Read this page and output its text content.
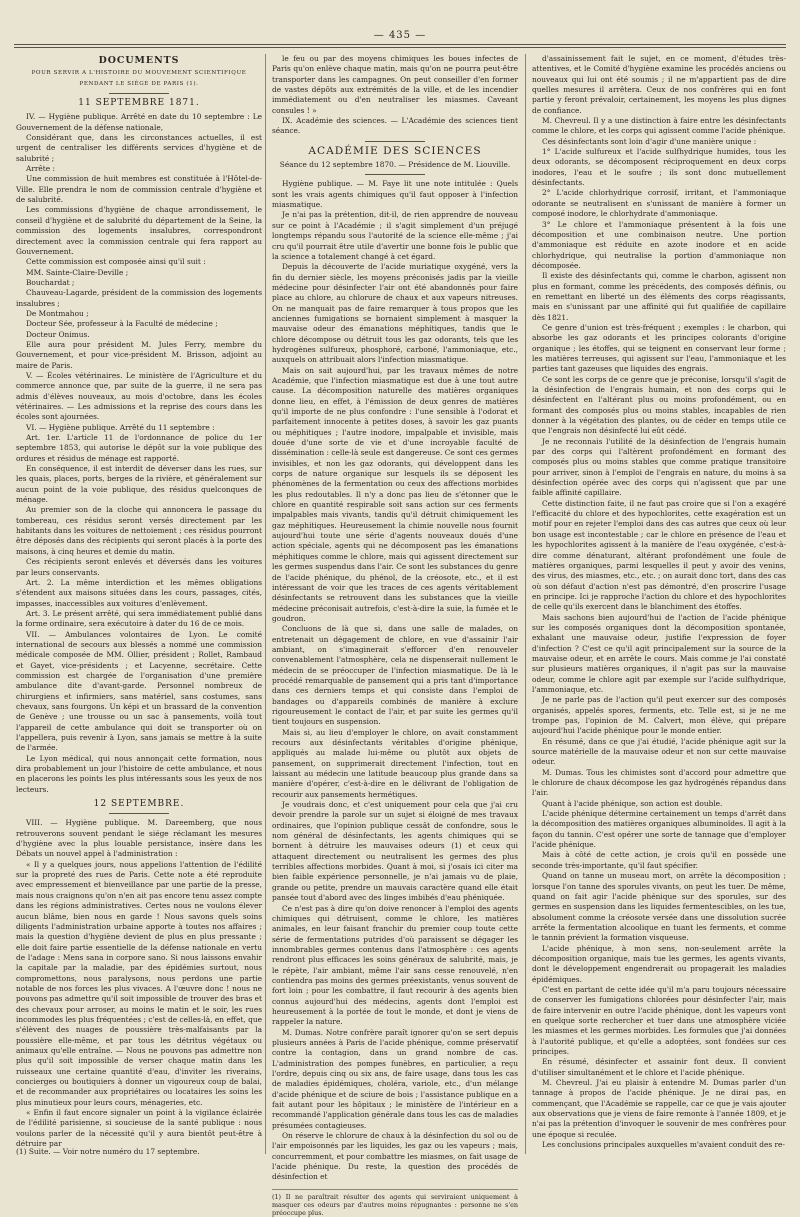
— 435 —
DOCUMENTS
POUR SERVIR A L'HISTOIRE DU MOUVEMENT SCIENTIFIQUE PENDANT LE SIÉGE DE PARIS (1).
11 SEPTEMBRE 1871.

IV. — Hygiène publique. Arrêté en date du 10 septembre : Le Gouvernement de la défense nationale,

Considérant que, dans les circonstances actuelles, il est urgent de centraliser les différents services d'hygiène et de salubrité ;

Arrête :

Une commission de huit membres est constituée à l'Hôtel-de-Ville. Elle prendra le nom de commission centrale d'hygiène et de salubrité.

Les commissions d'hygiène de chaque arrondissement, le conseil d'hygiène et de salubrité du département de la Seine, la commission des logements insalubres, correspondront directement avec la commission centrale qui fera rapport au Gouvernement.

Cette commission est composée ainsi qu'il suit :

MM. Sainte-Claire-Deville ;

Bouchardat ;

Chauveau-Lagarde, président de la commission des logements insalubres ;

De Montmahou ;

Docteur Sée, professeur à la Faculté de médecine ;

Docteur Onimus.

Elle aura pour président M. Jules Ferry, membre du Gouvernement, et pour vice-président M. Brisson, adjoint au maire de Paris.

V. — Écoles vétérinaires. Le ministère de l'Agriculture et du commerce annonce que, par suite de la guerre, il ne sera pas admis d'élèves nouveaux, au mois d'octobre, dans les écoles vétérinaires. — Les admissions et la reprise des cours dans les écoles sont ajournées.

VI. — Hygiène publique. Arrêté du 11 septembre :

Art. 1er. L'article 11 de l'ordonnance de police du 1er septembre 1853, qui autorise le dépôt sur la voie publique des ordures et résidus de ménage est rapporté.

En conséquence, il est interdit de déverser dans les rues, sur les quais, places, ports, berges de la rivière, et généralement sur aucun point de la voie publique, des résidus quelconques de ménage.

Au premier son de la cloche qui annoncera le passage du tombereau, ces résidus seront versés directement par les habitants dans les voitures de nettoiement ; ces résidus pourront être déposés dans des récipients qui seront placés à la porte des maisons, à cinq heures et demie du matin.

Ces récipients seront enlevés et déversés dans les voitures par leurs conservants.

Art. 2. La même interdiction et les mêmes obligations s'étendent aux maisons situées dans les cours, passages, cités, impasses, inaccessibles aux voitures d'enlèvement.

Art. 3. Le présent arrêté, qui sera immédiatement publié dans la forme ordinaire, sera exécutoire à dater du 16 de ce mois.

VII. — Ambulances volontaires de Lyon. Le comité international de secours aux blessés a nommé une commission médicale composée de MM. Ollier, président ; Rollet, Rambaud et Gayet, vice-présidents ; et Lacyenne, secrétaire. Cette commission est chargée de l'organisation d'une première ambulance dite d'avant-garde. Personnel nombreux de chirurgiens et infirmiers, sans matériel, sans costumes, sans chevaux, sans fourgons. Un képi et un brassard de la convention de Genève ; une trousse ou un sac à pansements, voilà tout l'appareil de cette ambulance qui doit se transporter où on l'appellera, puis revenir à Lyon, sans jamais se mettre à la suite de l'armée.

Le Lyon médical, qui nous annonçait cette formation, nous dira probablement un jour l'histoire de cette ambulance, et nous en placerons les points les plus intéressants sous les yeux de nos lecteurs.

12 SEPTEMBRE.

VIII. — Hygiène publique. M. Dareemberg, que nous retrouverons souvent pendant le siége réclamant les mesures d'hygiène avec la plus louable persistance, insère dans les Débats un nouvel appel à l'administration :

« Il y a quelques jours, nous appelions l'attention de l'édilité sur la propreté des rues de Paris. Cette note a été reproduite avec empressement et bienveillance par une partie de la presse, mais nous craignons qu'on n'en ait pas encore tenu assez compte dans les régions administratives. Certes nous ne voulons élever aucun blâme, bien nous en garde ! Nous savons quels soins diligents l'administration urbaine apporte à toutes nos affaires ; mais la question d'hygiène devient de plus en plus pressante ; elle doit faire partie essentielle de la défense nationale en vertu de l'adage : Mens sana in corpore sano. Si nous laissons envahir la capitale par la maladie, par des épidémies surtout, nous compromettons, nous paralysons, nous perdons une partie notable de nos forces les plus vivaces. A l'œuvre donc ! nous ne pouvons pas admettre qu'il soit impossible de trouver des bras et des chevaux pour arroser, au moins le matin et le soir, les rues incommodes les plus fréquentées ; c'est de celles-là, en effet, que s'élèvent des nuages de poussière très-malfaisants par la poussière elle-même, et par tous les détritus végétaux ou animaux qu'elle entraîne. — Nous ne pouvons pas admettre non plus qu'il soit impossible de verser chaque matin dans les ruisseaux une certaine quantité d'eau, d'inviter les riverains, concierges ou boutiquiers à donner un vigoureux coup de balai, et de recommander aux propriétaires ou locataires les soins les plus minutieux pour leurs cours, ménageries, etc.

« Enfin il faut encore signaler un point à la vigilance éclairée de l'édilité parisienne, si soucieuse de la santé publique : nous voulons parler de la nécessité qu'il y aura bientôt peut-être à détruire par

(1) Suite. — Voir notre numéro du 17 septembre.

le feu ou par des moyens chimiques les boues infectes de Paris qu'on enlève chaque matin, mais qu'on ne pourra peut-être transporter dans les campagnes. On peut conseiller d'en former de vastes dépôts aux extrémités de la ville, et de les incendier immédiatement ou d'en neutraliser les miasmes. Caveant consules ! »

IX. Académie des sciences. — L'Académie des sciences tient séance.

ACADÉMIE DES SCIENCES
Séance du 12 septembre 1870. — Présidence de M. Liouville.

Hygiène publique. — M. Faye lit une note intitulée : Quels sont les vrais agents chimiques qu'il faut opposer à l'infection miasmatique.

Je n'ai pas la prétention, dit-il, de rien apprendre de nouveau sur ce point à l'Académie ; il s'agit simplement d'un préjugé longtemps répandu sous l'autorité de la science elle-même ; j'ai cru qu'il pourrait être utile d'avertir une bonne fois le public que la science a totalement changé à cet égard.

Depuis la découverte de l'acide muriatique oxygéné, vers la fin du dernier siècle, les moyens préconisés jadis par la vieille médecine pour désinfecter l'air ont été abandonnés pour faire place au chlore, au chlorure de chaux et aux vapeurs nitreuses. On ne manquait pas de faire remarquer à tous propos que les anciennes fumigations se bornaient simplement à masquer la mauvaise odeur des émanations méphitiques, tandis que le chlore décompose ou détruit tous les gaz odorants, tels que les hydrogènes sulfureux, phosphoré, carboné, l'ammoniaque, etc., auxquels on attribuait alors l'infection miasmatique.

Mais on sait aujourd'hui, par les travaux mêmes de notre Académie, que l'infection miasmatique est due à une tout autre cause. La décomposition naturelle des matières organiques donne lieu, en effet, à l'émission de deux genres de matières qu'il importe de ne plus confondre : l'une sensible à l'odorat et parfaitement innocente à petites doses, à savoir les gaz puants ou méphitiques ; l'autre inodore, impalpable et invisible, mais douée d'une sorte de vie et d'une incroyable faculté de dissémination : celle-là seule est dangereuse. Ce sont ces germes invisibles, et non les gaz odorants, qui développent dans les corps de nature organique sur lesquels ils se déposent les phénomènes de la fermentation ou ceux des affections morbides les plus redoutables. Il n'y a donc pas lieu de s'étonner que le chlore en quantité respirable soit sans action sur ces ferments impalpables mais vivants, tandis qu'il détruit chimiquement les gaz méphitiques. Heureusement la chimie nouvelle nous fournit aujourd'hui toute une série d'agents nouveaux doués d'une action spéciale, agents qui ne décomposent pas les émanations méphitiques comme le chlore, mais qui agissent directement sur les germes suspendus dans l'air. Ce sont les substances du genre de l'acide phénique, du phénol, de la créosote, etc., et il est intéressant de voir que les traces de ces agents véritablement désinfectants se retrouvent dans les substances que la vieille médecine préconisait autrefois, c'est-à-dire la suie, la fumée et le goudron.

Concluons de là que si, dans une salle de malades, on entretenait un dégagement de chlore, en vue d'assainir l'air ambiant, on s'imaginerait s'efforcer d'en renouveler convenablement l'atmosphère, cela ne dispenserait nullement le médecin de se préoccuper de l'infection miasmatique. De là le procédé remarquable de pansement qui a pris tant d'importance dans ces derniers temps et qui consiste dans l'emploi de bandages ou d'appareils combinés de manière à exclure rigoureusement le contact de l'air, et par suite les germes qu'il tient toujours en suspension.

Mais si, au lieu d'employer le chlore, on avait constamment recours aux désinfectants véritables d'origine phénique, appliqués au malade lui-même ou plutôt aux objets de pansement, on supprimerait directement l'infection, tout en laissant au médecin une latitude beaucoup plus grande dans sa manière d'opérer, c'est-à-dire en le délivrant de l'obligation de recourir aux pansements hermétiques.

Je voudrais donc, et c'est uniquement pour cela que j'ai cru devoir prendre la parole sur un sujet si éloigné de mes travaux ordinaires, que l'opinion publique cessât de confondre, sous le nom général de désinfectants, les agents chimiques qui se bornent à détruire les mauvaises odeurs (1) et ceux qui attaquent directement ou neutralisent les germes des plus terribles affections morbides. Quant à moi, si j'osais ici citer ma bien faible expérience personnelle, je n'ai jamais vu de plaie, grande ou petite, prendre un mauvais caractère quand elle était pansée tout d'abord avec des linges imbibés d'eau phéniquée.

Ce n'est pas à dire qu'on doive renoncer à l'emploi des agents chimiques qui détruisent, comme le chlore, les matières animales, en leur faisant franchir du premier coup toute cette série de fermentations putrides d'où paraissent se dégager les innombrables germes contenus dans l'atmosphère : ces agents rendront plus efficaces les soins généraux de salubrité, mais, je le répète, l'air ambiant, même l'air sans cesse renouvelé, n'en contiendra pas moins des germes préexistants, venus souvent de fort loin ; pour les combattre, il faut recourir à des agents bien connus aujourd'hui des médecins, agents dont l'emploi est heureusement à la portée de tout le monde, et dont je viens de rappeler la nature.

M. Dumas. Notre confrère paraît ignorer qu'on se sert depuis plusieurs années à Paris de l'acide phénique, comme préservatif contre la contagion, dans un grand nombre de cas. L'administration des pompes funèbres, en particulier, a reçu l'ordre, depuis cinq ou six ans, de faire usage, dans tous les cas de maladies épidémiques, choléra, variole, etc., d'un mélange d'acide phénique et de sciure de bois ; l'assistance publique en a fait autant pour les hôpitaux ; le ministère de l'intérieur en a recommandé l'application générale dans tous les cas de maladies présumées contagieuses.

On réserve le chlorure de chaux à la désinfection du sol ou de l'air empoisonnés par les liquides, les gaz ou les vapeurs ; mais, concurremment, et pour combattre les miasmes, on fait usage de l'acide phénique. Du reste, la question des procédés de désinfection et

(1) Il ne paraîtrait résulter des agents qui serviraient uniquement à masquer ces odeurs par d'autres moins répugnantes : personne ne s'en préoccupe plus.

d'assainissement fait le sujet, en ce moment, d'études très-attentives, et le Comité d'hygiène examine les procédés anciens ou nouveaux qui lui ont été soumis ; il ne m'appartient pas de dire quelles mesures il arrêtera. Ceux de nos confrères qui en font partie y feront prévaloir, certainement, les moyens les plus dignes de confiance.

M. Chevreul. Il y a une distinction à faire entre les désinfectants comme le chlore, et les corps qui agissent comme l'acide phénique.

Ces désinfectants sont loin d'agir d'une manière unique :

1° L'acide sulfureux et l'acide sulfhydrique humides, tous les deux odorants, se décomposent réciproquement en deux corps inodores, l'eau et le soufre ; ils sont donc mutuellement désinfectants.

2° L'acide chlorhydrique corrosif, irritant, et l'ammoniaque odorante se neutralisent en s'unissant de manière à former un composé inodore, le chlorhydrate d'ammoniaque.

3° Le chlore et l'ammoniaque présentent à la fois une décomposition et une combinaison neutre. Une portion d'ammoniaque est réduite en azote inodore et en acide chlorhydrique, qui neutralise la portion d'ammoniaque non décomposée.

Il existe des désinfectants qui, comme le charbon, agissent non plus en formant, comme les précédents, des composés définis, ou en remettant en liberté un des éléments des corps réagissants, mais en s'unissant par une affinité qui fut qualifiée de capillaire dès 1821.

Ce genre d'union est très-fréquent ; exemples : le charbon, qui absorbe les gaz odorants et les principes colorants d'origine organique ; les étoffes, qui se teignent en conservant leur forme ; les matières terreuses, qui agissent sur l'eau, l'ammoniaque et les parties tant gazeuses que liquides des engrais.

Ce sont les corps de ce genre que je préconise, lorsqu'il s'agit de la désinfection de l'engrais humain, et non des corps qui le désinfectent en l'altérant plus ou moins profondément, ou en formant des composés plus ou moins stables, incapables de rien donner à la végétation des plantes, ou de céder en temps utile ce que l'engrais non désinfecté lui eût cédé.

Je ne reconnais l'utilité de la désinfection de l'engrais humain par des corps qui l'altèrent profondément en formant des composés plus ou moins stables que comme pratique transitoire pour arriver, sinon à l'emploi de l'engrais en nature, du moins à sa désinfection opérée avec des corps qui n'agissent que par une faible affinité capillaire.

Cette distinction faite, il ne faut pas croire que si l'on a exagéré l'efficacité du chlore et des hypochlorites, cette exagération est un motif pour en rejeter l'emploi dans des cas autres que ceux où leur bon usage est incontestable ; car le chlore en présence de l'eau et les hypochlorites agissent à la manière de l'eau oxygénée, c'est-à-dire comme dénaturant, altérant profondément une foule de matières organiques, parmi lesquelles il peut y avoir des venins, des virus, des miasmes, etc., etc. ; on aurait donc tort, dans des cas où son défaut d'action n'est pas démontré, d'en proscrire l'usage en principe. Ici je rapproche l'action du chlore et des hypochlorites de celle qu'ils exercent dans le blanchiment des étoffes.

Mais sachons bien aujourd'hui de l'action de l'acide phénique sur les composés organiques dont la décomposition spontanée, exhalant une mauvaise odeur, justifie l'expression de foyer d'infection ? C'est ce qu'il agit principalement sur la source de la mauvaise odeur, et en arrête le cours. Mais comme je l'ai constaté sur plusieurs matières organiques, il n'agit pas sur la mauvaise odeur, comme le chlore agit par exemple sur l'acide sulfhydrique, l'ammoniaque, etc.

Je ne parle pas de l'action qu'il peut exercer sur des composés organisés, appelés spores, ferments, etc. Telle est, si je ne me trompe pas, l'opinion de M. Calvert, mon élève, qui prépare aujourd'hui l'acide phénique pour le monde entier.

En résumé, dans ce que j'ai étudié, l'acide phénique agit sur la source matérielle de la mauvaise odeur et non sur cette mauvaise odeur.

M. Dumas. Tous les chimistes sont d'accord pour admettre que le chlorure de chaux décompose les gaz hydrogénés répandus dans l'air.

Quant à l'acide phénique, son action est double.

L'acide phénique détermine certainement un temps d'arrêt dans la décomposition des matières organiques albuminoïdes. Il agit à la façon du tannin. C'est opérer une sorte de tannage que d'employer l'acide phénique.

Mais à côté de cette action, je crois qu'il en possède une seconde très-importante, qu'il faut spécifier.

Quand on tanne un museau mort, on arrête la décomposition ; lorsque l'on tanne des sporules vivants, on peut les tuer. De même, quand on fait agir l'acide phénique sur des sporules, sur des germes en suspension dans les liquides fermentescibles, on les tue, absolument comme la créosote versée dans une dissolution sucrée arrête la fermentation alcoolique en tuant les ferments, et comme le tannin prévient la formation visqueuse.

L'acide phénique, à mon sens, non-seulement arrête la décomposition organique, mais tue les germes, les agents vivants, dont le développement engendrerait ou propagerait les maladies épidémiques.

C'est en partant de cette idée qu'il m'a paru toujours nécessaire de conserver les fumigations chlorées pour désinfecter l'air, mais de faire intervenir en outre l'acide phénique, dont les vapeurs vont en quelque sorte rechercher et tuer dans une atmosphère viciée les miasmes et les germes morbides. Les formules que j'ai données à l'autorité publique, et qu'elle a adoptées, sont fondées sur ces principes.

En résumé, désinfecter et assainir font deux. Il convient d'utiliser simultanément et le chlore et l'acide phénique.

M. Chevreul. J'ai eu plaisir à entendre M. Dumas parler d'un tannage à propos de l'acide phénique. Je ne dirai pas, en commençant, que l'Académie se rappelle, car ce que je vais ajouter aux observations que je viens de faire remonte à l'année 1809, et je n'ai pas la prétention d'invoquer le souvenir de mes confrères pour une époque si reculée.

Les conclusions principales auxquelles m'avaient conduit des re-
